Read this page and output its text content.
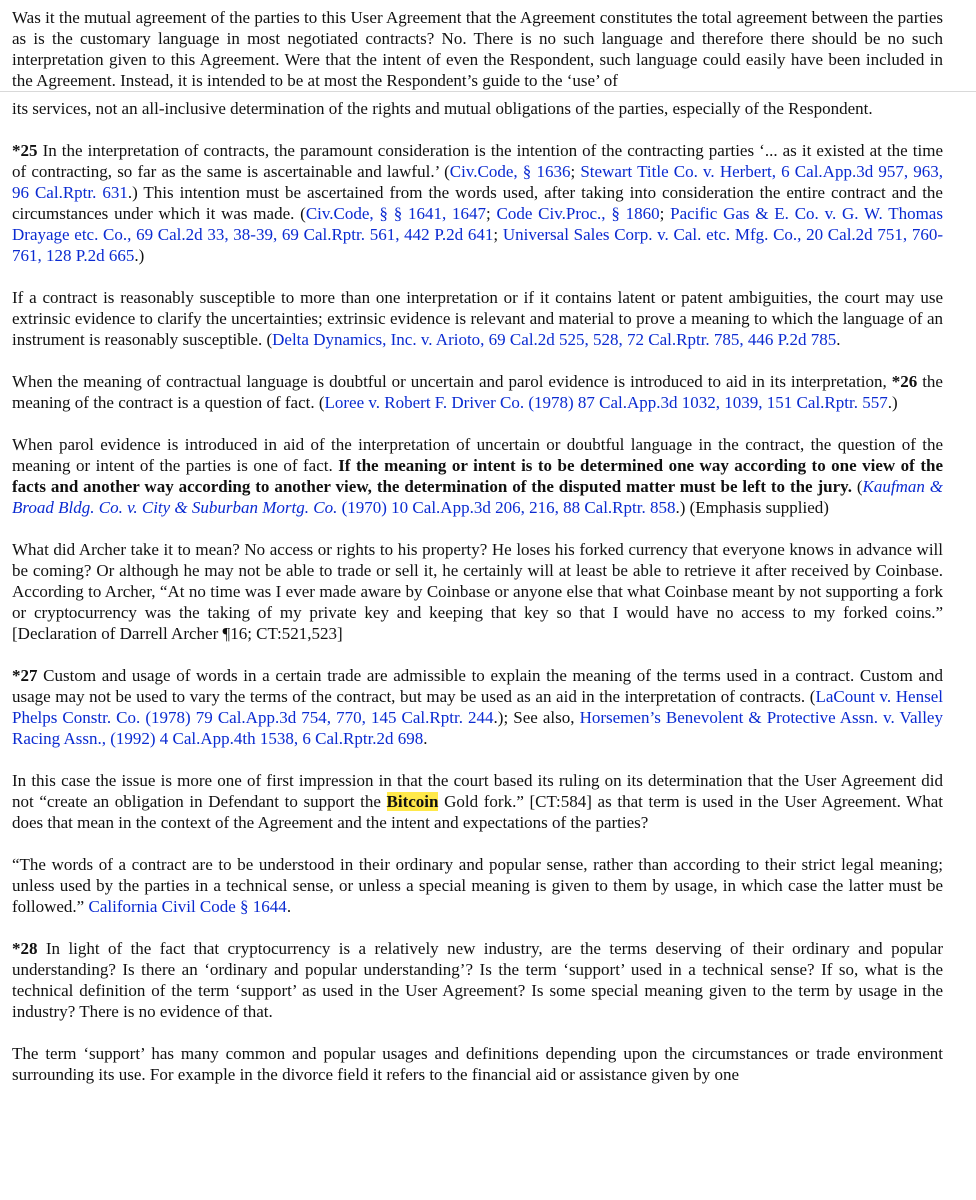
Was it the mutual agreement of the parties to this User Agreement that the Agreement constitutes the total agreement between the parties as is the customary language in most negotiated contracts? No. There is no such language and therefore there should be no such interpretation given to this Agreement. Were that the intent of even the Respondent, such language could easily have been included in the Agreement. Instead, it is intended to be at most the Respondent’s guide to the ‘use’ of

its services, not an all-inclusive determination of the rights and mutual obligations of the parties, especially of the Respondent.

*25 In the interpretation of contracts, the paramount consideration is the intention of the contracting parties ‘... as it existed at the time of contracting, so far as the same is ascertainable and lawful.’ (Civ.Code, § 1636; Stewart Title Co. v. Herbert, 6 Cal.App.3d 957, 963, 96 Cal.Rptr. 631.) This intention must be ascertained from the words used, after taking into consideration the entire contract and the circumstances under which it was made. (Civ.Code, § § 1641, 1647; Code Civ.Proc., § 1860; Pacific Gas & E. Co. v. G. W. Thomas Drayage etc. Co., 69 Cal.2d 33, 38-39, 69 Cal.Rptr. 561, 442 P.2d 641; Universal Sales Corp. v. Cal. etc. Mfg. Co., 20 Cal.2d 751, 760-761, 128 P.2d 665.)

If a contract is reasonably susceptible to more than one interpretation or if it contains latent or patent ambiguities, the court may use extrinsic evidence to clarify the uncertainties; extrinsic evidence is relevant and material to prove a meaning to which the language of an instrument is reasonably susceptible. (Delta Dynamics, Inc. v. Arioto, 69 Cal.2d 525, 528, 72 Cal.Rptr. 785, 446 P.2d 785.

When the meaning of contractual language is doubtful or uncertain and parol evidence is introduced to aid in its interpretation, *26 the meaning of the contract is a question of fact. (Loree v. Robert F. Driver Co. (1978) 87 Cal.App.3d 1032, 1039, 151 Cal.Rptr. 557.)

When parol evidence is introduced in aid of the interpretation of uncertain or doubtful language in the contract, the question of the meaning or intent of the parties is one of fact. If the meaning or intent is to be determined one way according to one view of the facts and another way according to another view, the determination of the disputed matter must be left to the jury. (Kaufman & Broad Bldg. Co. v. City & Suburban Mortg. Co. (1970) 10 Cal.App.3d 206, 216, 88 Cal.Rptr. 858.) (Emphasis supplied)

What did Archer take it to mean? No access or rights to his property? He loses his forked currency that everyone knows in advance will be coming? Or although he may not be able to trade or sell it, he certainly will at least be able to retrieve it after received by Coinbase. According to Archer, “At no time was I ever made aware by Coinbase or anyone else that what Coinbase meant by not supporting a fork or cryptocurrency was the taking of my private key and keeping that key so that I would have no access to my forked coins.” [Declaration of Darrell Archer ¶16; CT:521,523]

*27 Custom and usage of words in a certain trade are admissible to explain the meaning of the terms used in a contract. Custom and usage may not be used to vary the terms of the contract, but may be used as an aid in the interpretation of contracts. (LaCount v. Hensel Phelps Constr. Co. (1978) 79 Cal.App.3d 754, 770, 145 Cal.Rptr. 244.); See also, Horsemen’s Benevolent & Protective Assn. v. Valley Racing Assn., (1992) 4 Cal.App.4th 1538, 6 Cal.Rptr.2d 698.

In this case the issue is more one of first impression in that the court based its ruling on its determination that the User Agreement did not “create an obligation in Defendant to support the Bitcoin Gold fork.” [CT:584] as that term is used in the User Agreement. What does that mean in the context of the Agreement and the intent and expectations of the parties?

“The words of a contract are to be understood in their ordinary and popular sense, rather than according to their strict legal meaning; unless used by the parties in a technical sense, or unless a special meaning is given to them by usage, in which case the latter must be followed.” California Civil Code § 1644.

*28 In light of the fact that cryptocurrency is a relatively new industry, are the terms deserving of their ordinary and popular understanding? Is there an ‘ordinary and popular understanding’? Is the term ‘support’ used in a technical sense? If so, what is the technical definition of the term ‘support’ as used in the User Agreement? Is some special meaning given to the term by usage in the industry? There is no evidence of that.

The term ‘support’ has many common and popular usages and definitions depending upon the circumstances or trade environment surrounding its use. For example in the divorce field it refers to the financial aid or assistance given by one
